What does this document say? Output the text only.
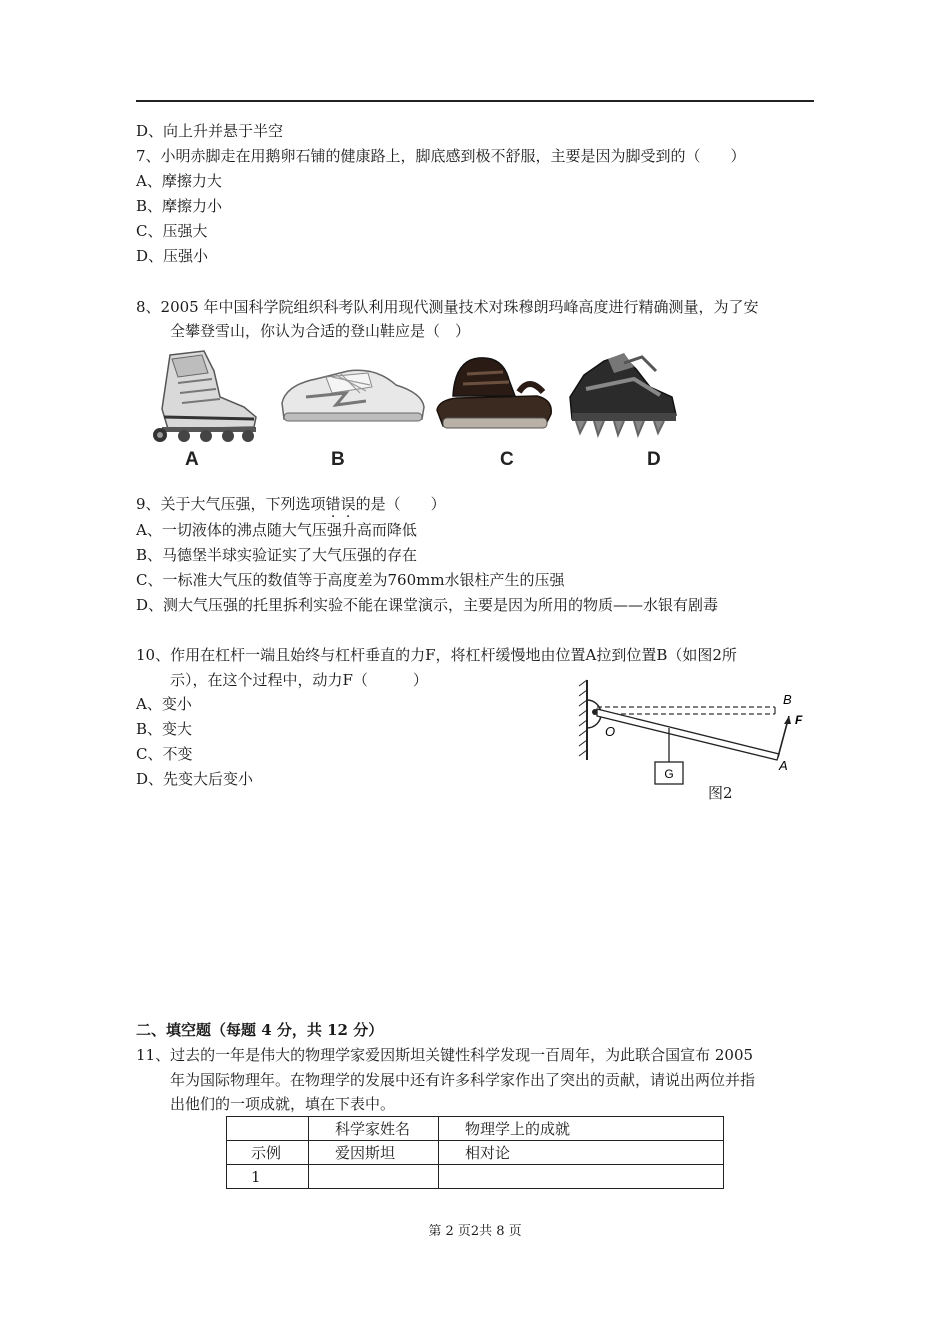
D、向上升并悬于半空
7、小明赤脚走在用鹅卵石铺的健康路上，脚底感到极不舒服，主要是因为脚受到的（　　）
A、摩擦力大
B、摩擦力小
C、压强大
D、压强小
8、2005 年中国科学院组织科考队利用现代测量技术对珠穆朗玛峰高度进行精确测量，为了安
全攀登雪山，你认为合适的登山鞋应是（　）
A	B	C	D
9、关于大气压强，下列选项错误的是（　　）
A、一切液体的沸点随大气压强升高而降低
B、马德堡半球实验证实了大气压强的存在
C、一标准大气压的数值等于高度差为760mm水银柱产生的压强
D、测大气压强的托里拆利实验不能在课堂演示，主要是因为所用的物质——水银有剧毒
10、作用在杠杆一端且始终与杠杆垂直的力F，将杠杆缓慢地由位置A拉到位置B（如图2所
示），在这个过程中，动力F（　　　）
A、变小
B、变大
C、不变
D、先变大后变小	G
O
B
F
A
图2
二、填空题（每题 4 分，共 12 分）
11、过去的一年是伟大的物理学家爱因斯坦关键性科学发现一百周年，为此联合国宣布 2005
年为国际物理年。在物理学的发展中还有许多科学家作出了突出的贡献，请说出两位并指
出他们的一项成就，填在下表中。
	科学家姓名	物理学上的成就
示例	爱因斯坦	相对论
1		
第 2 页2共 8 页
